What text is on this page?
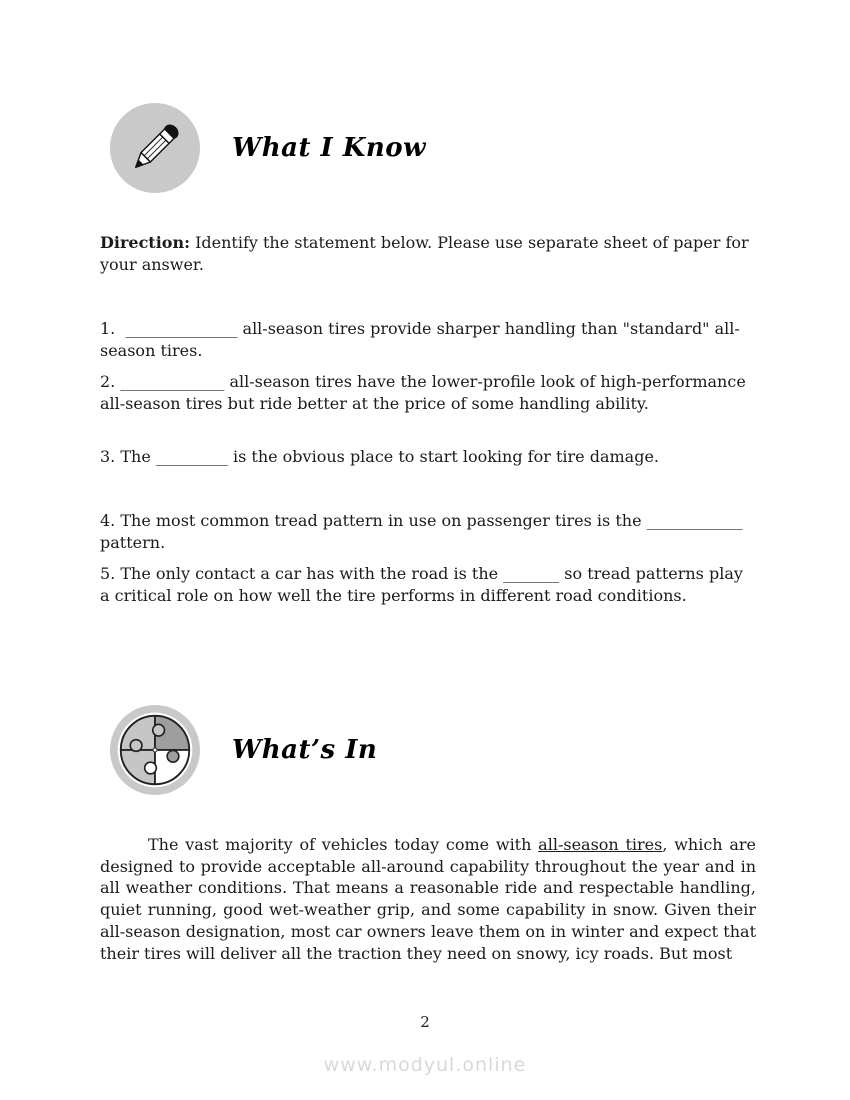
What I Know

Direction: Identify the statement below. Please use separate sheet of paper for your answer.

1.  ______________ all-season tires provide sharper handling than "standard" all-season tires.

2. _____________ all-season tires have the lower-profile look of high-performance all-season tires but ride better at the price of some handling ability.

3. The _________ is the obvious place to start looking for tire damage.

4. The most common tread pattern in use on passenger tires is the ____________ pattern.

5. The only contact a car has with the road is the _______ so tread patterns play a critical role on how well the tire performs in different road conditions.

What’s In

The vast majority of vehicles today come with all-season tires, which are designed to provide acceptable all-around capability throughout the year and in all weather conditions. That means a reasonable ride and respectable handling, quiet running, good wet-weather grip, and some capability in snow. Given their all-season designation, most car owners leave them on in winter and expect that their tires will deliver all the traction they need on snowy, icy roads. But most

2
www.modyul.online
